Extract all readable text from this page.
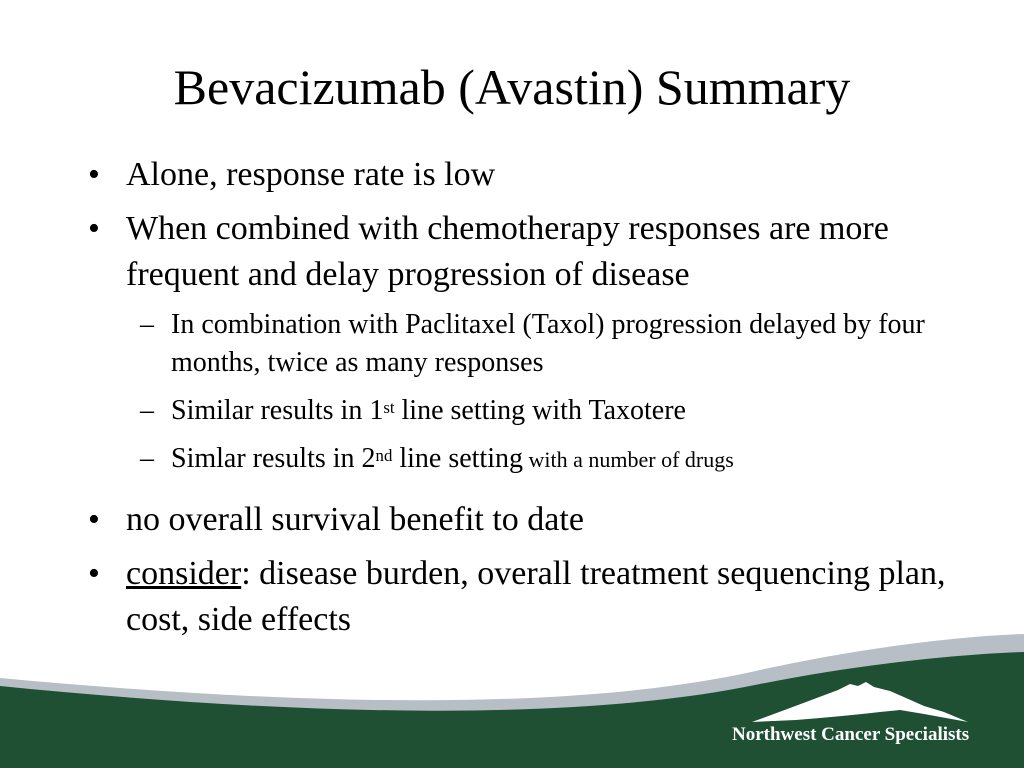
Bevacizumab (Avastin) Summary
• Alone, response rate is low
• When combined with chemotherapy responses are more frequent and delay progression of disease
– In combination with Paclitaxel (Taxol) progression delayed by four months, twice as many responses
– Similar results in 1st line setting with Taxotere
– Simlar results in 2nd line setting with a number of drugs
• no overall survival benefit to date
• consider: disease burden, overall treatment sequencing plan, cost, side effects
Northwest Cancer Specialists
